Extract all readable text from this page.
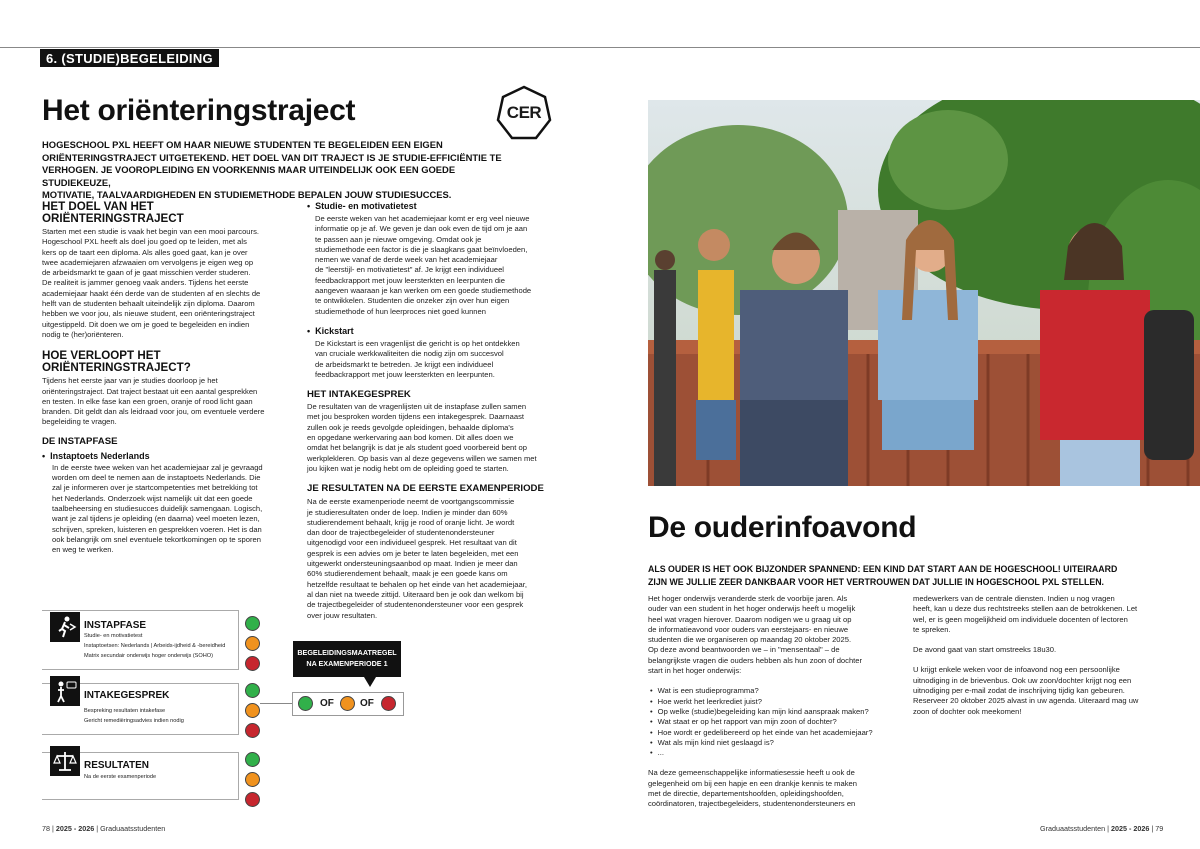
6. (STUDIE)BEGELEIDING
Het oriënteringstraject	CER
HOGESCHOOL PXL HEEFT OM HAAR NIEUWE STUDENTEN TE BEGELEIDEN EEN EIGEN
ORIËNTERINGSTRAJECT UITGETEKEND. HET DOEL VAN DIT TRAJECT IS JE STUDIE-EFFICIËNTIE TE
VERHOGEN. JE VOOROPLEIDING EN VOORKENNIS MAAR UITEINDELIJK OOK EEN GOEDE STUDIEKEUZE,
MOTIVATIE, TAALVAARDIGHEDEN EN STUDIEMETHODE BEPALEN JOUW STUDIESUCCES.
HET DOEL VAN HET
ORIËNTERINGSTRAJECT

Starten met een studie is vaak het begin van een mooi parcours.

Hogeschool PXL heeft als doel jou goed op te leiden, met als

kers op de taart een diploma. Als alles goed gaat, kan je over

twee academiejaren afzwaaien om vervolgens je eigen weg op

de arbeidsmarkt te gaan of je gaat misschien verder studeren.

De realiteit is jammer genoeg vaak anders. Tijdens het eerste

academiejaar haakt één derde van de studenten af en slechts de

helft van de studenten behaalt uiteindelijk zijn diploma. Daarom

hebben we voor jou, als nieuwe student, een oriënteringstraject

uitgestippeld. Dit doen we om je goed te begeleiden en indien

nodig te (her)oriënteren.

HOE VERLOOPT HET
ORIËNTERINGSTRAJECT?

Tijdens het eerste jaar van je studies doorloop je het

oriënteringstraject. Dat traject bestaat uit een aantal gesprekken

en testen. In elke fase kan een groen, oranje of rood licht gaan

branden. Dit geldt dan als leidraad voor jou, om eventuele verdere

begeleiding te vragen.

DE INSTAPFASE
• Instaptoets Nederlands

In de eerste twee weken van het academiejaar zal je gevraagd

worden om deel te nemen aan de instaptoets Nederlands. Die

zal je informeren over je startcompetenties met betrekking tot

het Nederlands. Onderzoek wijst namelijk uit dat een goede

taalbeheersing en studiesucces duidelijk samengaan. Logisch,

want je zal tijdens je opleiding (en daarna) veel moeten lezen,

schrijven, spreken, luisteren en gesprekken voeren. Het is dan

ook belangrijk om snel eventuele tekortkomingen op te sporen

en weg te werken.

• Studie- en motivatietest

De eerste weken van het academiejaar komt er erg veel nieuwe

informatie op je af. We geven je dan ook even de tijd om je aan

te passen aan je nieuwe omgeving. Omdat ook je

studiemethode een factor is die je slaagkans gaat beïnvloeden,

nemen we vanaf de derde week van het academiejaar

de "leerstijl- en motivatietest" af. Je krijgt een individueel

feedbackrapport met jouw leersterkten en leerpunten die

aangeven waaraan je kan werken om een goede studiemethode

te ontwikkelen. Studenten die onzeker zijn over hun eigen

studiemethode of hun leerproces niet goed kunnen

• Kickstart

De Kickstart is een vragenlijst die gericht is op het ontdekken

van cruciale werkkwaliteiten die nodig zijn om succesvol

de arbeidsmarkt te betreden. Je krijgt een individueel

feedbackrapport met jouw leersterkten en leerpunten.

HET INTAKEGESPREK

De resultaten van de vragenlijsten uit de instapfase zullen samen

met jou besproken worden tijdens een intakegesprek. Daarnaast

zullen ook je reeds gevolgde opleidingen, behaalde diploma's

en opgedane werkervaring aan bod komen. Dit alles doen we

omdat het belangrijk is dat je als student goed voorbereid bent op

werkplekleren. Op basis van al deze gegevens willen we samen met

jou kijken wat je nodig hebt om de opleiding goed te starten.

JE RESULTATEN NA DE EERSTE EXAMENPERIODE

Na de eerste examenperiode neemt de voortgangscommissie

je studieresultaten onder de loep. Indien je minder dan 60%

studierendement behaalt, krijg je rood of oranje licht. Je wordt

dan door de trajectbegeleider of studentenondersteuner

uitgenodigd voor een individueel gesprek. Het resultaat van dit

gesprek is een advies om je beter te laten begeleiden, met een

uitgewerkt ondersteuningsaanbod op maat. Indien je meer dan

60% studierendement behaalt, maak je een goede kans om

hetzelfde resultaat te behalen op het einde van het academiejaar,

al dan niet na tweede zittijd. Uiteraard ben je ook dan welkom bij

de trajectbegeleider of studentenondersteuner voor een gesprek

over jouw resultaten.

INSTAPFASE
Studie- en motivatietest
Instaptoetsen: Nederlands | Arbeids-ijdheid & -bereidheid
Matrix secundair onderwijs hoger onderwijs (SOHO)
INTAKEGESPREK
Bespreking resultaten intakefase
Gericht remediëringsadvies indien nodig
RESULTATEN
Na de eerste examenperiode
BEGELEIDINGSMAATREGEL
NA EXAMENPERIODE 1
OF	OF
78 | 2025 - 2026 | Graduaatsstudenten
De ouderinfoavond
ALS OUDER IS HET OOK BIJZONDER SPANNEND: EEN KIND DAT START AAN DE HOGESCHOOL! UITEIRAARD
ZIJN WE JULLIE ZEER DANKBAAR VOOR HET VERTROUWEN DAT JULLIE IN HOGESCHOOL PXL STELLEN.

Het hoger onderwijs veranderde sterk de voorbije jaren. Als

ouder van een student in het hoger onderwijs heeft u mogelijk

heel wat vragen hierover. Daarom nodigen we u graag uit op

de informatieavond voor ouders van eerstejaars- en nieuwe

studenten die we organiseren op maandag 20 oktober 2025.

Op deze avond beantwoorden we – in "mensentaal" – de

belangrijkste vragen die ouders hebben als hun zoon of dochter

start in het hoger onderwijs:

• Wat is een studieprogramma?
• Hoe werkt het leerkrediet juist?
• Op welke (studie)begeleiding kan mijn kind aanspraak maken?
• Wat staat er op het rapport van mijn zoon of dochter?
• Hoe wordt er gedelibereerd op het einde van het academiejaar?
• Wat als mijn kind niet geslaagd is?
• ...

Na deze gemeenschappelijke informatiesessie heeft u ook de

gelegenheid om bij een hapje en een drankje kennis te maken

met de directie, departementshoofden, opleidingshoofden,

coördinatoren, trajectbegeleiders, studentenondersteuners en

medewerkers van de centrale diensten. Indien u nog vragen

heeft, kan u deze dus rechtstreeks stellen aan de betrokkenen. Let

wel, er is geen mogelijkheid om individuele docenten of lectoren

te spreken.

De avond gaat van start omstreeks 18u30.

U krijgt enkele weken voor de infoavond nog een persoonlijke

uitnodiging in de brievenbus. Ook uw zoon/dochter krijgt nog een

uitnodiging per e-mail zodat de inschrijving tijdig kan gebeuren.

Reserveer 20 oktober 2025 alvast in uw agenda. Uiteraard mag uw

zoon of dochter ook meekomen!

Graduaatsstudenten | 2025 - 2026 | 79
